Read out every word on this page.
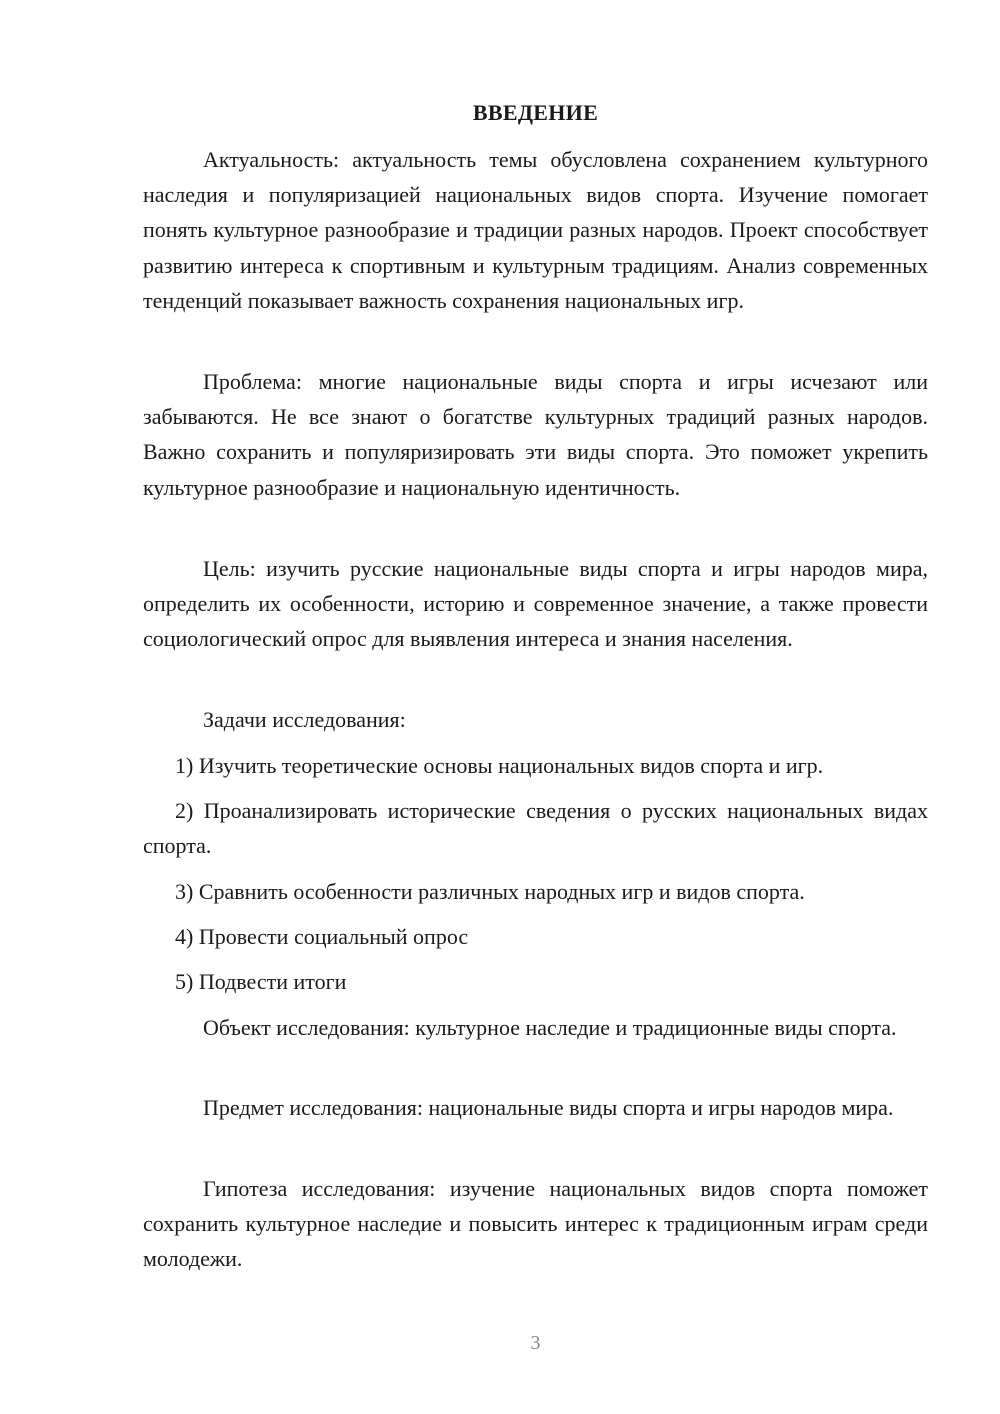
ВВЕДЕНИЕ

Актуальность: актуальность темы обусловлена сохранением культурного наследия и популяризацией национальных видов спорта. Изучение помогает понять культурное разнообразие и традиции разных народов. Проект способствует развитию интереса к спортивным и культурным традициям. Анализ современных тенденций показывает важность сохранения национальных игр.

Проблема: многие национальные виды спорта и игры исчезают или забываются. Не все знают о богатстве культурных традиций разных народов. Важно сохранить и популяризировать эти виды спорта. Это поможет укрепить культурное разнообразие и национальную идентичность.

Цель: изучить русские национальные виды спорта и игры народов мира, определить их особенности, историю и современное значение, а также провести социологический опрос для выявления интереса и знания населения.

Задачи исследования:

1) Изучить теоретические основы национальных видов спорта и игр.

2) Проанализировать исторические сведения о русских национальных видах спорта.

3) Сравнить особенности различных народных игр и видов спорта.

4) Провести социальный опрос

5) Подвести итоги

Объект исследования: культурное наследие и традиционные виды спорта.

Предмет исследования: национальные виды спорта и игры народов мира.

Гипотеза исследования: изучение национальных видов спорта поможет сохранить культурное наследие и повысить интерес к традиционным играм среди молодежи.

3
